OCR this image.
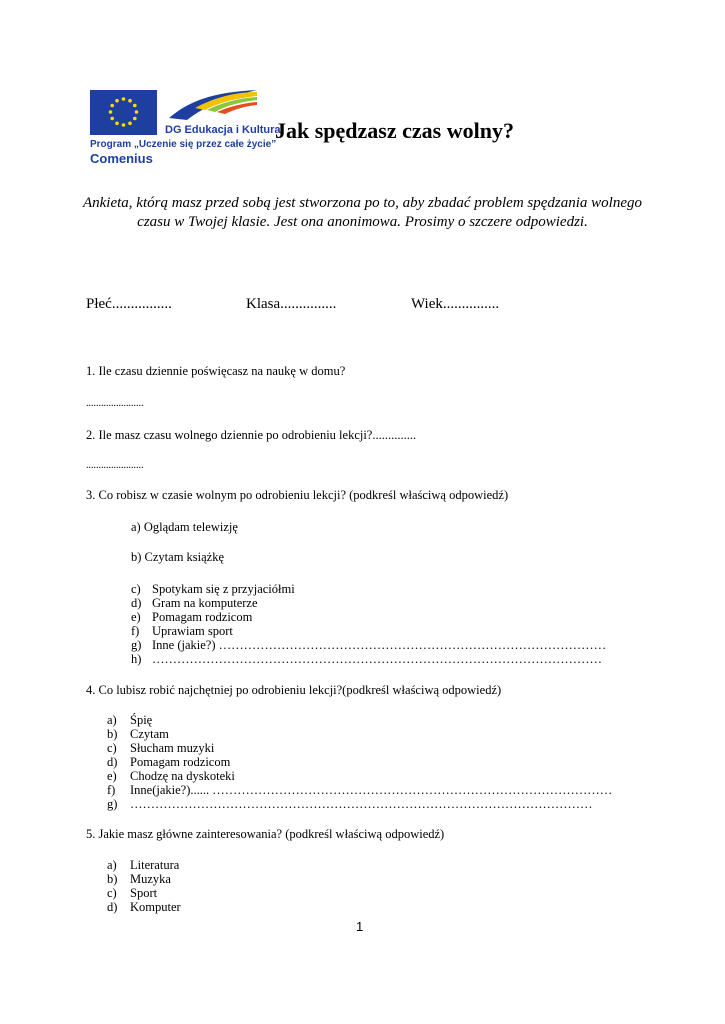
DG Edukacja i Kultura
Program „Uczenie się przez całe życie”
Comenius
Jak spędzasz czas wolny?
Ankieta, którą masz przed sobą jest stworzona po to, aby zbadać problem spędzania wolnego czasu w Twojej klasie. Jest ona anonimowa. Prosimy o szczere odpowiedzi.
Płeć................	Klasa...............	Wiek...............
1. Ile czasu dziennie poświęcasz na naukę w domu?
.......................
2. Ile masz czasu wolnego dziennie po odrobieniu lekcji?..............
.......................
3. Co robisz w czasie wolnym po odrobieniu lekcji? (podkreśl właściwą odpowiedź)
a) Oglądam telewizję
b) Czytam książkę
c) Spotykam się z przyjaciółmi
d) Gram na komputerze
e) Pomagam rodzicom
f) Uprawiam sport
g) Inne (jakie?) …………………………………………………………………………………
h) ………………………………………………………………………………………………
4. Co lubisz robić najchętniej po odrobieniu lekcji?(podkreśl właściwą odpowiedź)
a) Śpię
b) Czytam
c) Słucham muzyki
d) Pomagam rodzicom
e) Chodzę na dyskoteki
f) Inne(jakie?)...... ……………………………………………………………………………………
g) …………………………………………………………………………………………………
5. Jakie masz główne zainteresowania? (podkreśl właściwą odpowiedź)
a) Literatura
b) Muzyka
c) Sport
d) Komputer
1
